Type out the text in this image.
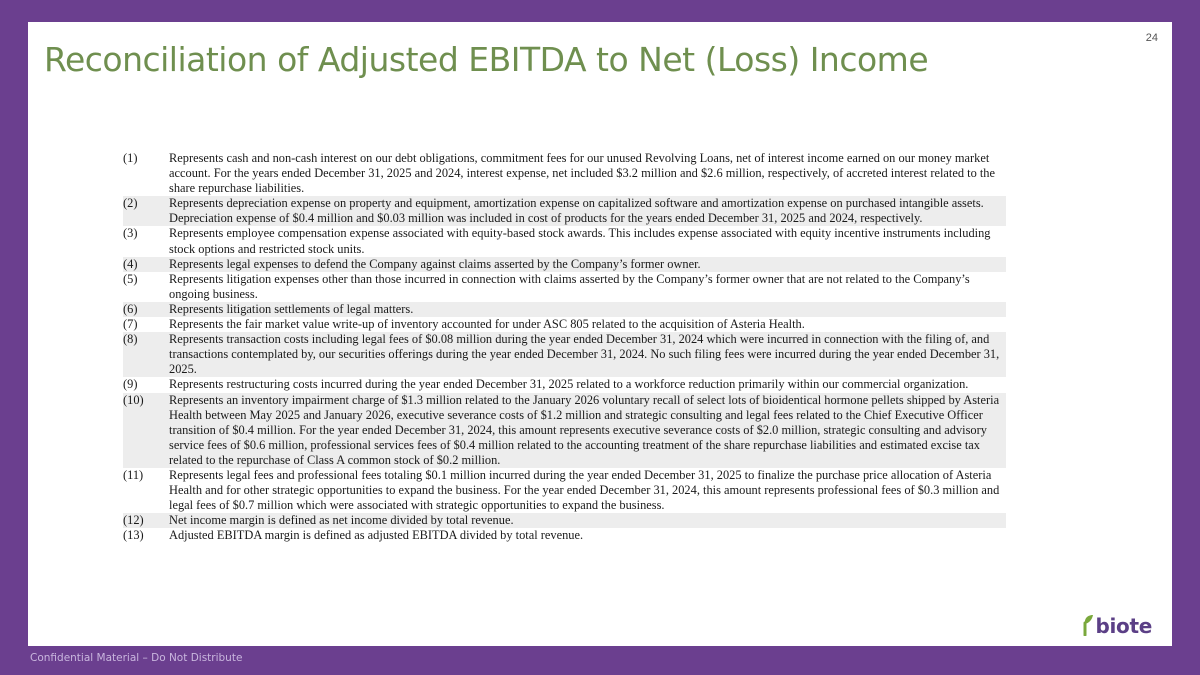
24
Reconciliation of Adjusted EBITDA to Net (Loss) Income
(1)	Represents cash and non-cash interest on our debt obligations, commitment fees for our unused Revolving Loans, net of interest income earned on our money market account. For the years ended December 31, 2025 and 2024, interest expense, net included $3.2 million and $2.6 million, respectively, of accreted interest related to the share repurchase liabilities.
(2)	Represents depreciation expense on property and equipment, amortization expense on capitalized software and amortization expense on purchased intangible assets. Depreciation expense of $0.4 million and $0.03 million was included in cost of products for the years ended December 31, 2025 and 2024, respectively.
(3)	Represents employee compensation expense associated with equity-based stock awards. This includes expense associated with equity incentive instruments including stock options and restricted stock units.
(4)	Represents legal expenses to defend the Company against claims asserted by the Company’s former owner.
(5)	Represents litigation expenses other than those incurred in connection with claims asserted by the Company’s former owner that are not related to the Company’s ongoing business.
(6)	Represents litigation settlements of legal matters.
(7)	Represents the fair market value write-up of inventory accounted for under ASC 805 related to the acquisition of Asteria Health.
(8)	Represents transaction costs including legal fees of $0.08 million during the year ended December 31, 2024 which were incurred in connection with the filing of, and transactions contemplated by, our securities offerings during the year ended December 31, 2024. No such filing fees were incurred during the year ended December 31, 2025.
(9)	Represents restructuring costs incurred during the year ended December 31, 2025 related to a workforce reduction primarily within our commercial organization.
(10)	Represents an inventory impairment charge of $1.3 million related to the January 2026 voluntary recall of select lots of bioidentical hormone pellets shipped by Asteria Health between May 2025 and January 2026, executive severance costs of $1.2 million and strategic consulting and legal fees related to the Chief Executive Officer transition of $0.4 million. For the year ended December 31, 2024, this amount represents executive severance costs of $2.0 million, strategic consulting and advisory service fees of $0.6 million, professional services fees of $0.4 million related to the accounting treatment of the share repurchase liabilities and estimated excise tax related to the repurchase of Class A common stock of $0.2 million.
(11)	Represents legal fees and professional fees totaling $0.1 million incurred during the year ended December 31, 2025 to finalize the purchase price allocation of Asteria Health and for other strategic opportunities to expand the business. For the year ended December 31, 2024, this amount represents professional fees of $0.3 million and legal fees of $0.7 million which were associated with strategic opportunities to expand the business.
(12)	Net income margin is defined as net income divided by total revenue.
(13)	Adjusted EBITDA margin is defined as adjusted EBITDA divided by total revenue.
biote
Confidential Material – Do Not Distribute
